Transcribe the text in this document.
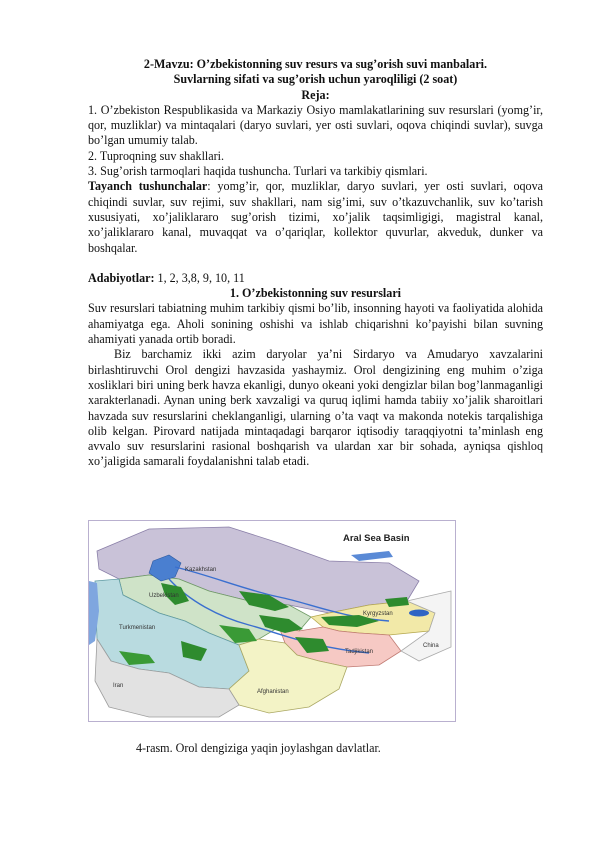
2-Mavzu: O’zbekistonning suv resurs va sug’orish suvi manbalari.
Suvlarning sifati va sug’orish uchun yaroqliligi (2 soat)
Reja:

1. O’zbekiston Respublikasida va Markaziy Osiyo mamlakatlarining suv resurslari (yomg’ir, qor, muzliklar) va mintaqalari (daryo suvlari, yer osti suvlari, oqova chiqindi suvlar), suvga bo’lgan umumiy talab.

2. Tuproqning suv shakllari.

3. Sug’orish tarmoqlari haqida tushuncha. Turlari va tarkibiy qismlari.

Tayanch tushunchalar: yomg’ir, qor, muzliklar, daryo suvlari, yer osti suvlari, oqova chiqindi suvlar, suv rejimi, suv shakllari, nam sig’imi, suv o’tkazuvchanlik, suv ko’tarish xususiyati, xo’jaliklararo sug’orish tizimi, xo’jalik taqsimligigi, magistral kanal, xo’jaliklararo kanal, muvaqqat va o’qariqlar, kollektor quvurlar, akveduk, dunker va boshqalar.

Adabiyotlar: 1, 2, 3,8, 9, 10, 11

1. O’zbekistonning suv resurslari

Suv resurslari tabiatning muhim tarkibiy qismi bo’lib, insonning hayoti va faoliyatida alohida ahamiyatga ega. Aholi sonining oshishi va ishlab chiqarishni ko’payishi bilan suvning ahamiyati yanada ortib boradi.

Biz barchamiz ikki azim daryolar ya’ni Sirdaryo va Amudaryo xavzalarini birlashtiruvchi Orol dengizi havzasida yashaymiz. Orol dengizining eng muhim o’ziga xosliklari biri uning berk havza ekanligi, dunyo okeani yoki dengizlar bilan bog’lanmaganligi xarakterlanadi. Aynan uning berk xavzaligi va quruq iqlimi hamda tabiiy xo’jalik sharoitlari havzada suv resurslarini cheklanganligi, ularning o’ta vaqt va makonda notekis tarqalishiga olib kelgan. Pirovard natijada mintaqadagi barqaror iqtisodiy taraqqiyotni ta’minlash eng avvalo suv resurslarini rasional boshqarish va ulardan xar bir sohada, ayniqsa qishloq xo’jaligida samarali foydalanishni talab etadi.

Aral Sea Basin
Kazakhstan
Uzbekistan
Turkmenistan
Kyrgyzstan
Tadjikistan
Afghanistan
Iran
China
4-rasm. Orol dengiziga yaqin joylashgan davlatlar.
